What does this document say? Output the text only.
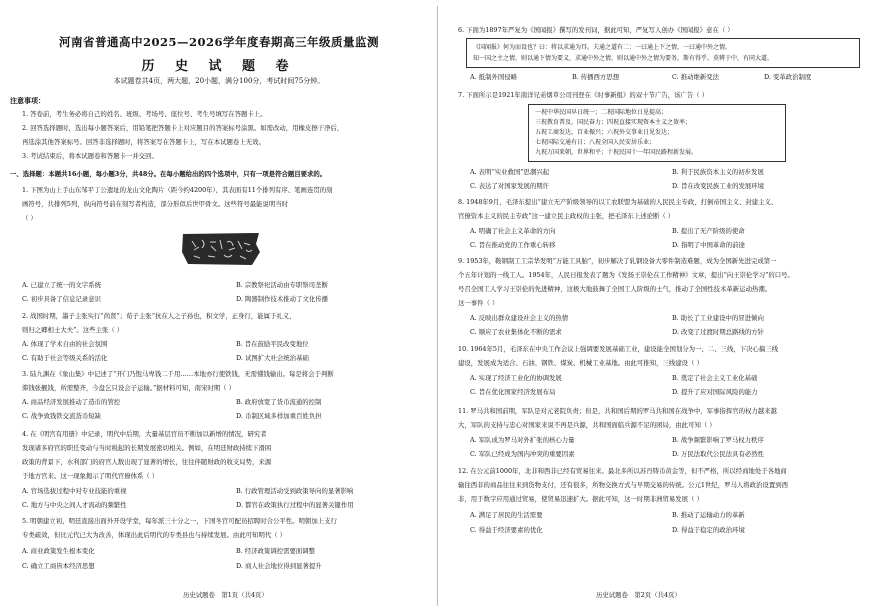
河南省普通高中2025—2026学年度春期高三年级质量监测
历 史 试 题 卷
本试题卷共4页，两大题，20小题，满分100分，考试时间75分钟。
注意事项：
1. 答卷前，考生务必将自己的姓名、班级、考场号、座位号、考生号填写在答题卡上。
2. 回答选择题时，选出每小题答案后，用铅笔把答题卡上对应题目的答案标号涂黑。如需改动，用橡皮擦干净后，
再选涂其他答案标号。回答非选择题时，将答案写在答题卡上，写在本试题卷上无效。
3. 考试结束后，将本试题卷和答题卡一并交回。
一、选择题：本题共16小题，每小题3分，共48分。在每小题给出的四个选项中，只有一项是符合题目要求的。
1. 下图为山上手山东邹平丁公遗址的龙山文化陶片（距今约4200年），其表面有11个排列有序、笔画连贯的刻
画符号，共排列5列，纵向符号前在刻写者构造，部分形似后世甲骨文。这些符号最能说明当时
（ ）
A. 已建立了统一的文字系统	B. 宗教祭祀活动由专职祭司垄断
C. 初步具备了信息记录意识	D. 陶器制作技术推动了文化传播
2. 战国时期，墨子主张实行“尚贤”；荀子主张“抗在人之子孙也，积文学，正身行，能属于礼义，
则归之卿相士大夫”。这些主张（ ）
A. 体现了学术自由的社会氛围	B. 旨在鼓励平民改变地位
C. 有助于社会等级关系的活化	D. 试图扩大社会统治基础
3. 陆九渊在《象山集》中记述了“开门乃饱马卑钱二千用……本地亦行使铁钱，无需懂钱输出。每是将会于判断
滞钱张靓钱，所需整齐，今盘乞只设会子运输。”据材料可知，南宋时期（ ）
A. 商品经济发展推动了造币的管控	B. 政府放宽了货币流通的控制
C. 战争致钱铁交流货币短缺	D. 币制区域多样加重百姓负担
4. 在《明宫有用册》中记录，明代中后期，大量基层官员不断加以新增的情况，研究者
发现诸多府官的职任变动与当时税起的长期发展密切相关。例如，在明廷财政持续下滑困
政策的背景下，水利部门的府官人数出现了显著的增长，往往伴随财政的收支局势，来源
于地方官来。这一现象揭示了明代官僚体系（ ）
A. 官场选拔过程中对专业技能的重视	B. 行政管理活动受到政策导向的显著影响
C. 地方与中央之间人才流动的频繁性	D. 都官在政策执行过程中的显著关键作用
5. 明朝建立初，明廷直接出面外开设学堂，每年派三十分之一，下国冬官可配员招聘时合公平性。明朝加上支行
专类疏效，但比元代已大为改善，体现出此后明代的专类县也与持续发展。由此可知明代（ ）
A. 商业政策发生根本变化	B. 经济政策调控需要面调整
C. 确立工商皆本经济思想	D. 商人社会地位得到显著提升
历史试题卷　第1页（共4页）
6. 下面为1897年严复为《国闻报》撰写的发刊词，据此可知，严复写人创办《国闻报》意在（ ）
《国闻报》何为而设也？曰：将以求通为耳。夫通之道有二：一曰通上下之情，一曰通中外之情。
知一国之主之情，则以通下情为要义，求通中外之情，则以通中外之情为要务，斯有得乎。莫辨于中，有同大道。
A. 抵制外国侵略	B. 传播西方思想	C. 推动维新变法	D. 变革政治制度
7. 下面所示是1921年南洋兄弟烟草公司刊登在《时事新报》的双十节广告，该广告（ ）
一祝中华民国早日统一；二祝国际地位日见提高；
三祝教育普及，国民奋力；四祝直接实现资本主义之效率；
五祝工商发达，百业振兴；六祝外交事业日见发达；
七祝国际交通有日；八祝全国人民安居乐业；
九祝万国来朝，世界和平；十祝民国十一年国民路程新发展。
A. 表明“实业救国”思潮兴起	B. 利于民族资本主义的初步发展
C. 表达了对国家发展的期许	D. 旨在改变民族工业的发展环境
8. 1948年9月，毛泽东提出“建立无产阶级领导的以工农联盟为基础的人民民主专政，打倒帝国主义、封建主义、
官僚资本主义的民主专政”这一建立民主政权的主张，把毛泽东上述论断（ ）
A. 明确了社会主义革命的方向	B. 提出了无产阶级的使命
C. 旨在推动党的工作重心转移	D. 指明了中国革命的前途
9. 1953年，鞍钢制工工宗华发明“万能工具胎”，初步解决了轧钢设备大零件制造难题，成为全国新先进完成第一
个五年计划的一线工人。1954年，人民日报发表了题为《发扬王崇伦在工作精神》文章，提出“向王崇伦学习”的口号。
号召全国工人学习王崇伦的先进精神，这极大地鼓舞了全国工人阶级的士气，推动了全国性技术革新运动热潮。
这一事件（ ）
A. 反映出群众建设社会主义的热情	B. 助长了工业建设中的冒进倾向
C. 顺应了农业集体化不断的需求	D. 改变了过渡时期总路线的方针
10. 1964年5月，毛泽东在中央工作会议上强调要发展基础工业，建设能全国划分为一、二、三线，下决心搞三线
建设，发展成为适合、石油、钢铁、煤炭、机械工业基地。由此可推知，三线建设（ ）
A. 实现了经济工业化的协调发展	B. 奠定了社会主义工业化基础
C. 旨在优化国家经济发展布局	D. 提升了应对国际风险的能力
11. 罗马共和国前期，军队是对元老院负责；但是，共和国后期的罗马共和国在战争中，军事指挥官的权力越来越
大，军队的支持与忠心对国家来说不再是兵源，共和国面临兵源不足的困局，由此可知（ ）
A. 军队成为罗马对外扩张的核心力量	B. 战争频繁影响了罗马权力秩序
C. 军队已经成为国内冲突的重要因素	D. 万民法取代公民法具有必然性
12. 在公元前1000年，北非和西非已经有贸易往来。最北多所以苏丹铸币黄金等，但不严格，所以经商地处于各地商
输往西非的商品往往来到货物支付，还有很多，所物交换方式与早期交易的传统。公元1世纪，罗马人将政治设置到西
非，用于数字应用通过贸易，使贸易迅速扩大。据此可知，这一时期非洲贸易发展（ ）
A. 满足了居民的生活需要	B. 推动了运输动力的革新
C. 得益于经济要素的优化	D. 得益于稳定的政治环境
历史试题卷　第2页（共4页）
